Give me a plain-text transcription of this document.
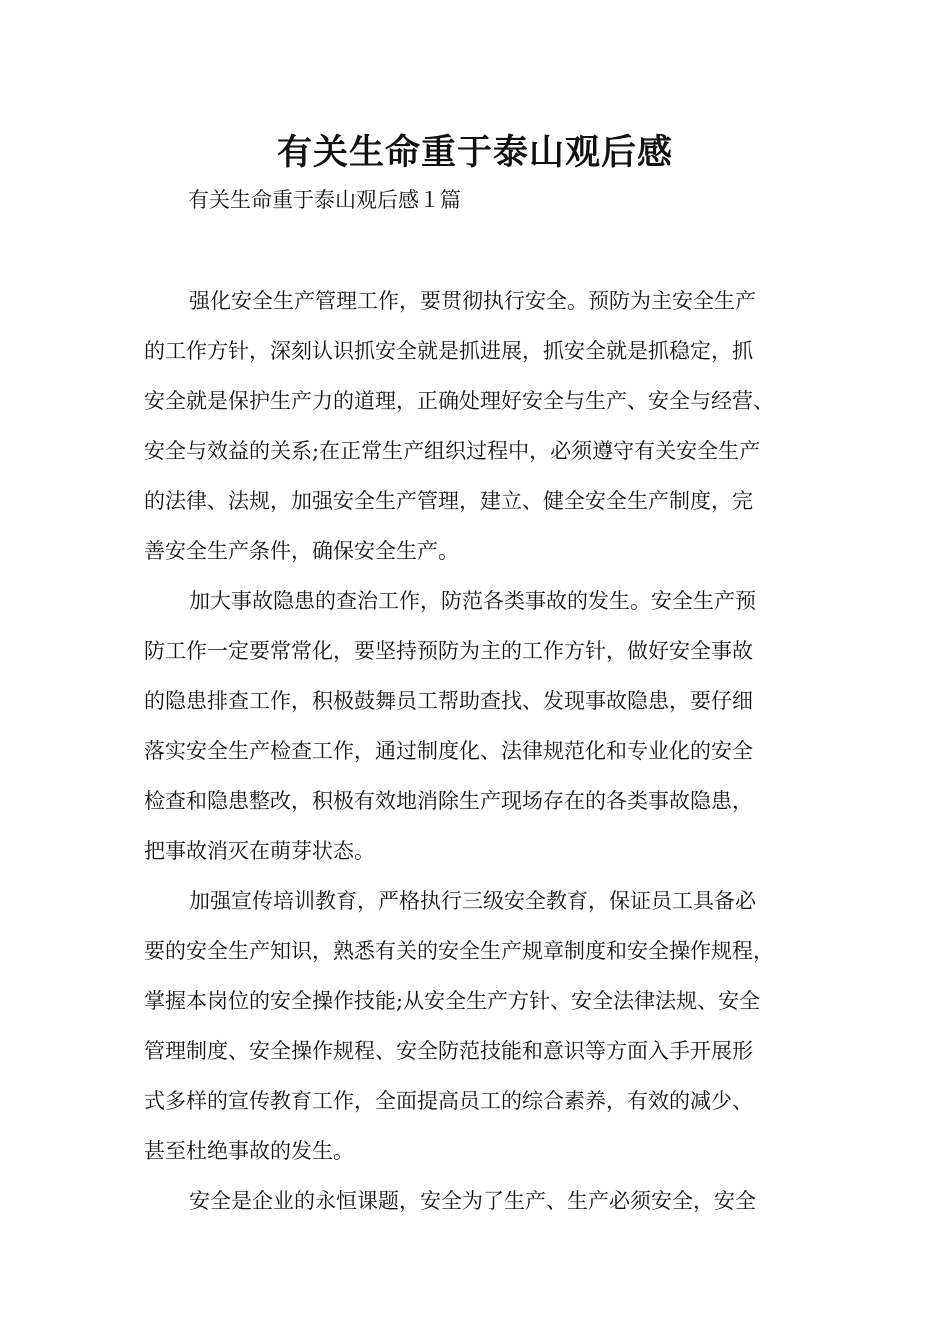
有关生命重于泰山观后感

有关生命重于泰山观后感１篇

强化安全生产管理工作，要贯彻执行安全。预防为主安全生产
的工作方针，深刻认识抓安全就是抓进展，抓安全就是抓稳定，抓
安全就是保护生产力的道理，正确处理好安全与生产、安全与经营、
安全与效益的关系;在正常生产组织过程中，必须遵守有关安全生产
的法律、法规，加强安全生产管理，建立、健全安全生产制度，完
善安全生产条件，确保安全生产。

加大事故隐患的查治工作，防范各类事故的发生。安全生产预
防工作一定要常常化，要坚持预防为主的工作方针，做好安全事故
的隐患排查工作，积极鼓舞员工帮助查找、发现事故隐患，要仔细
落实安全生产检查工作，通过制度化、法律规范化和专业化的安全
检查和隐患整改，积极有效地消除生产现场存在的各类事故隐患，
把事故消灭在萌芽状态。

加强宣传培训教育，严格执行三级安全教育，保证员工具备必
要的安全生产知识，熟悉有关的安全生产规章制度和安全操作规程，
掌握本岗位的安全操作技能;从安全生产方针、安全法律法规、安全
管理制度、安全操作规程、安全防范技能和意识等方面入手开展形
式多样的宣传教育工作，全面提高员工的综合素养，有效的减少、
甚至杜绝事故的发生。

安全是企业的永恒课题，安全为了生产、生产必须安全，安全
